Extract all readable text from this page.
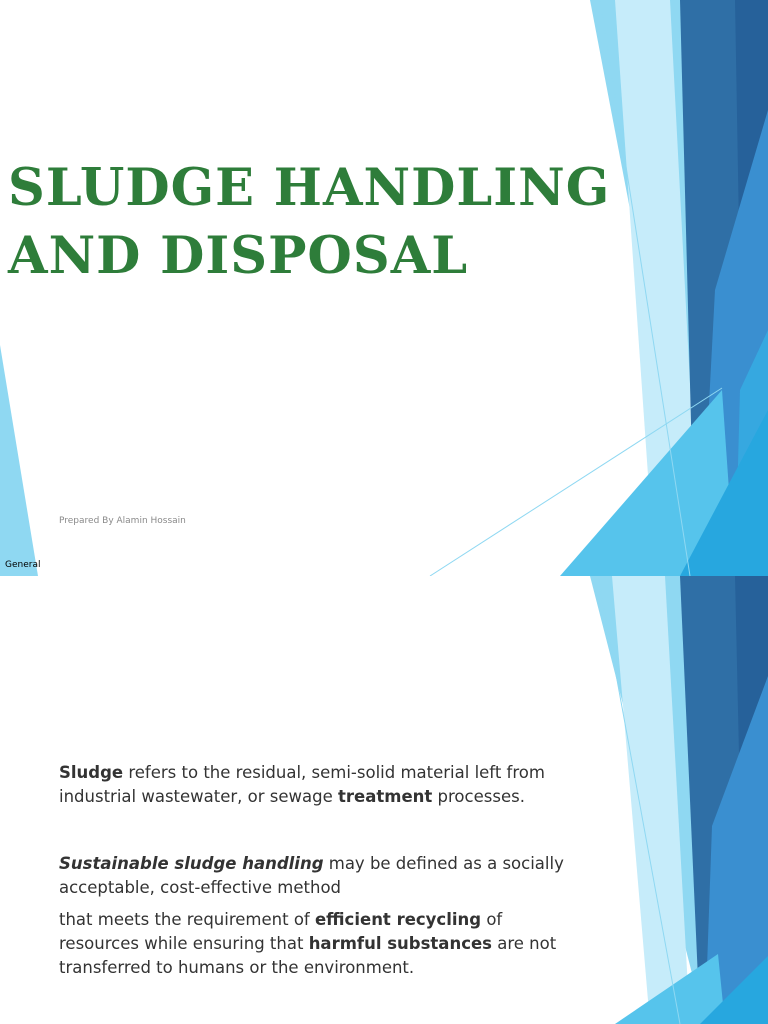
SLUDGE HANDLING
AND DISPOSAL
Prepared By Alamin Hossain
General

Sludge refers to the residual, semi-solid material left from industrial wastewater, or sewage treatment processes.

Sustainable sludge handling may be defined as a socially acceptable, cost-effective method

that meets the requirement of efficient recycling of resources while ensuring that harmful substances are not transferred to humans or the environment.
